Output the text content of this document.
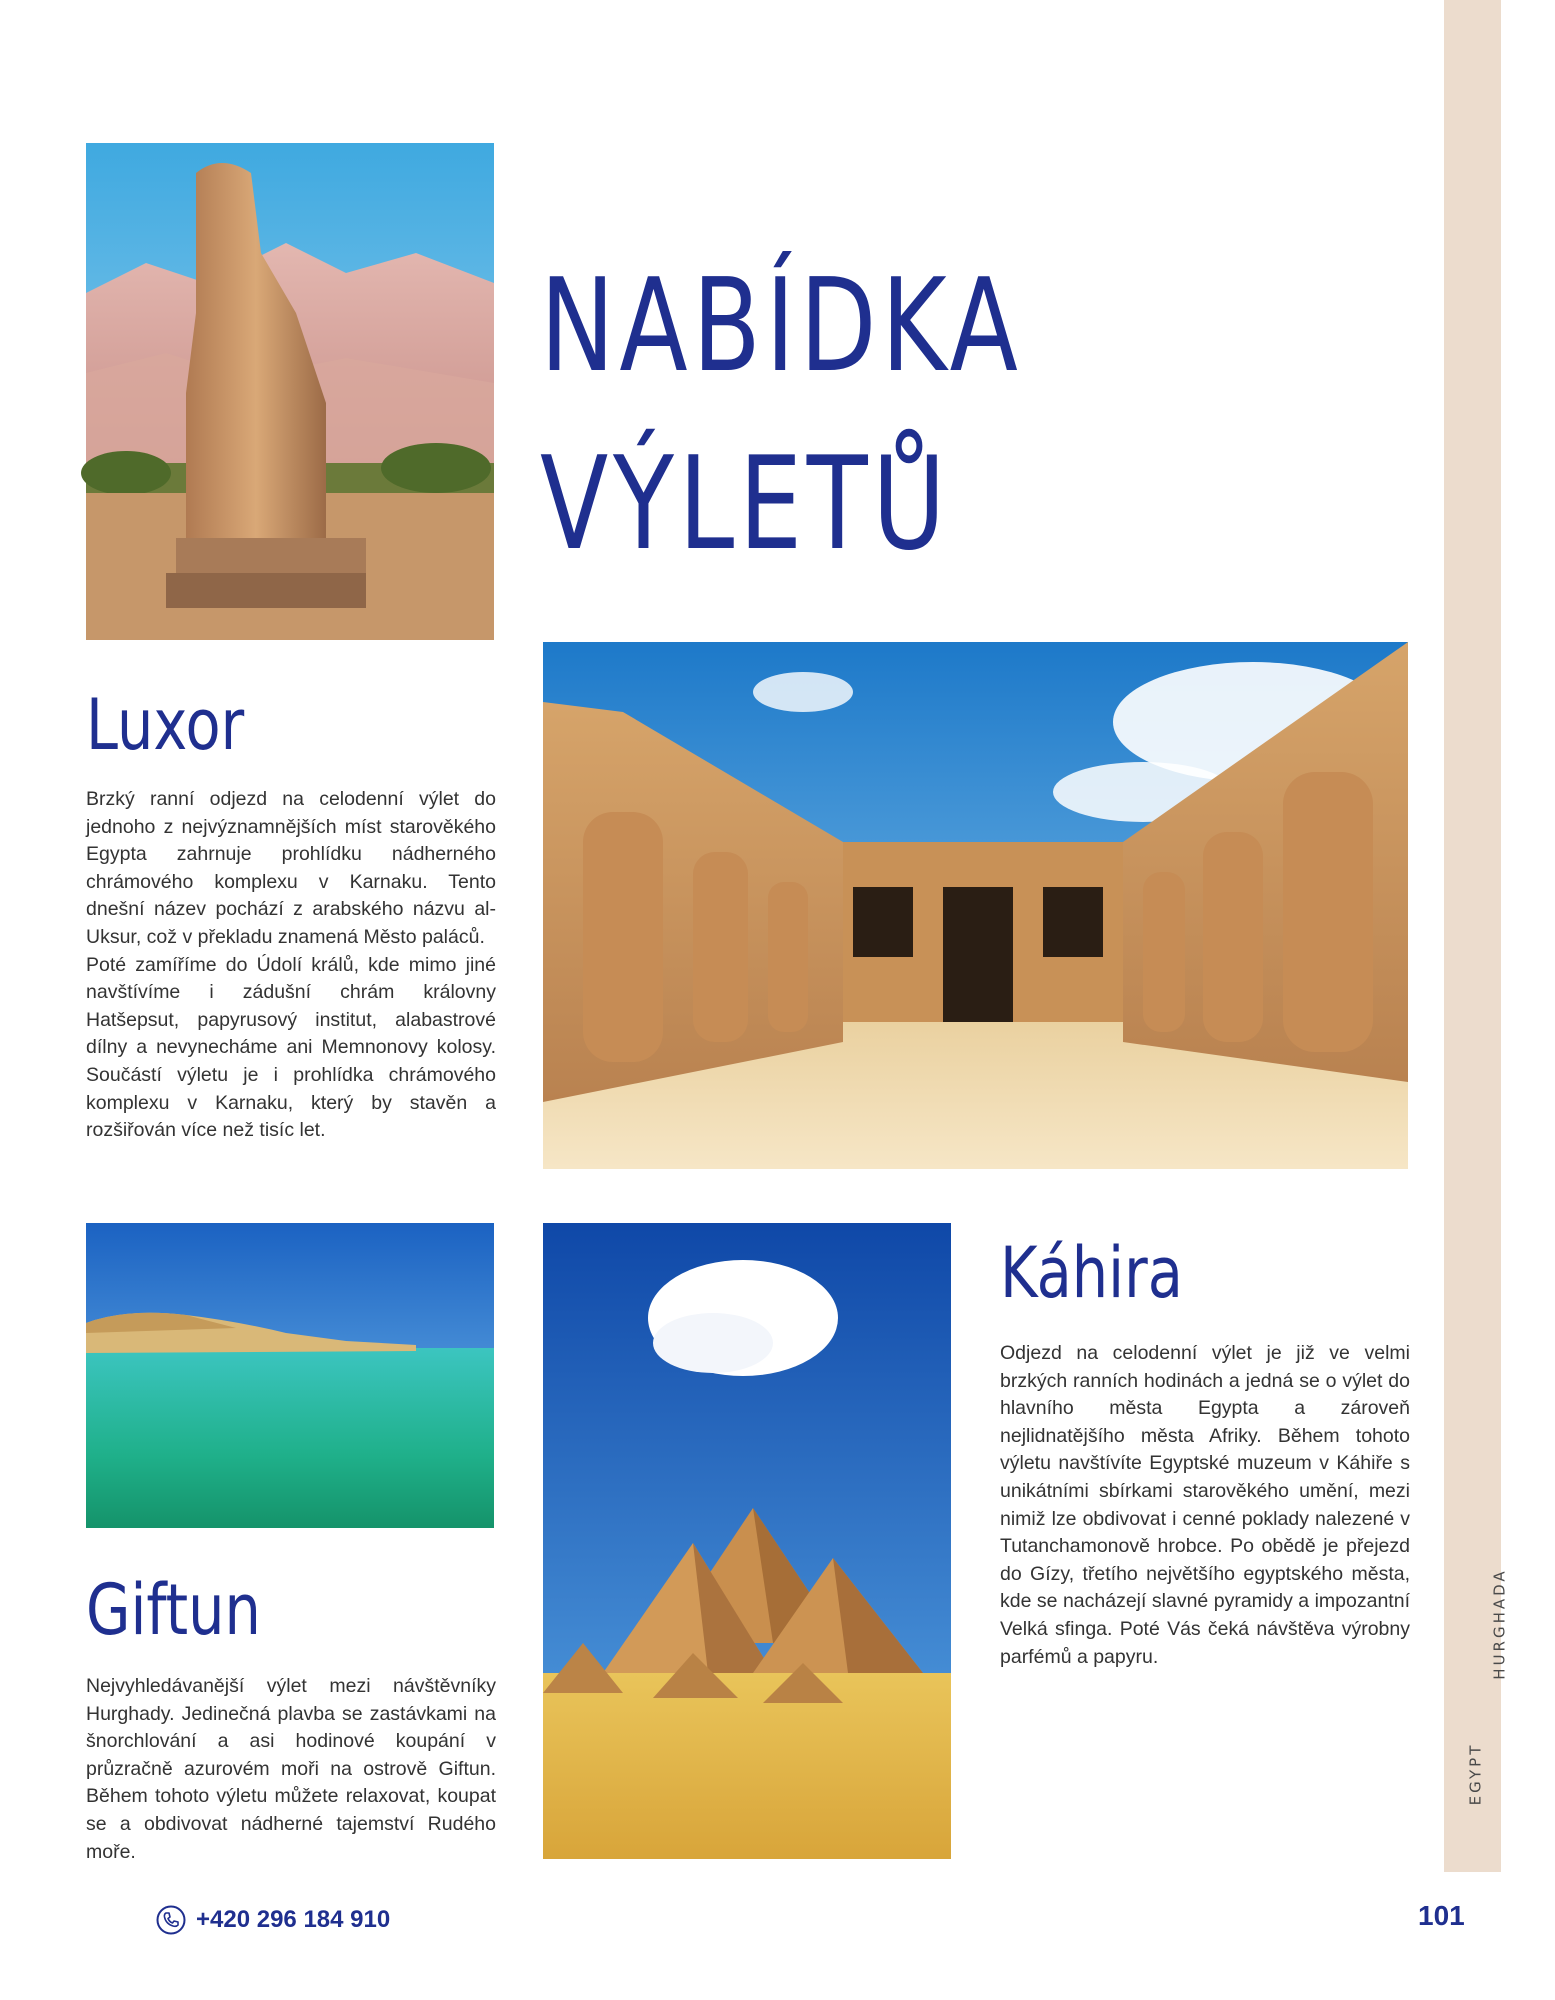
HURGHADA
EGYPT
NABÍDKA
VÝLETŮ
Luxor

Brzký ranní odjezd na celodenní výlet do jednoho z nejvýznamnějších míst starověkého Egypta zahrnuje prohlídku nádherného chrámového komplexu v Karnaku. Tento dnešní název pochází z arabského názvu al-Uksur, což v překladu znamená Město paláců.

Poté zamíříme do Údolí králů, kde mimo jiné navštívíme i zádušní chrám královny Hatšepsut, papyrusový institut, alabastrové dílny a nevynecháme ani Memnonovy kolosy. Součástí výletu je i prohlídka chrámového komplexu v Karnaku, který by stavěn a rozšiřován více než tisíc let.

Káhira

Odjezd na celodenní výlet je již ve velmi brzkých ranních hodinách a jedná se o výlet do hlavního města Egypta a zároveň nejlidnatějšího města Afriky. Během tohoto výletu navštívíte Egyptské muzeum v Káhiře s unikátními sbírkami starověkého umění, mezi nimiž lze obdivovat i cenné poklady nalezené v Tutanchamonově hrobce. Po obědě je přejezd do Gízy, třetího největšího egyptského města, kde se nacházejí slavné pyramidy a impozantní Velká sfinga. Poté Vás čeká návštěva výrobny parfémů a papyru.

Giftun

Nejvyhledávanější výlet mezi návštěvníky Hurghady. Jedinečná plavba se zastávkami na šnorchlování a asi hodinové koupání v průzračně azurovém moři na ostrově Giftun. Během tohoto výletu můžete relaxovat, koupat se a obdivovat nádherné tajemství Rudého moře.

+420 296 184 910	101
